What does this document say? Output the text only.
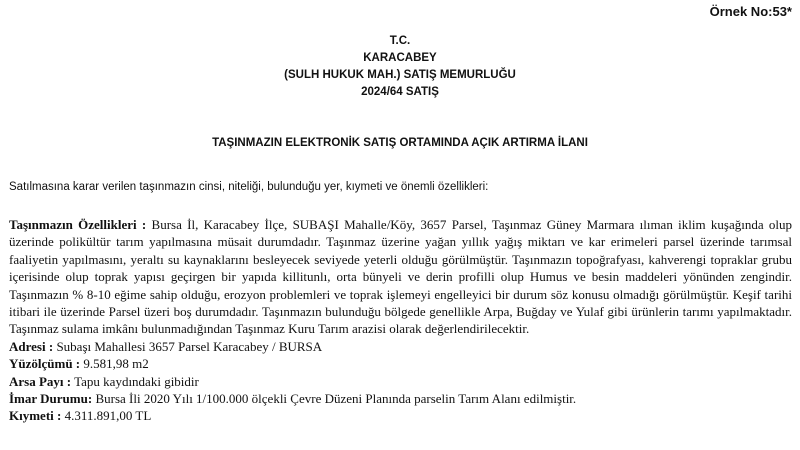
Örnek No:53*
T.C.
KARACABEY
(SULH HUKUK MAH.) SATIŞ MEMURLUĞU
2024/64 SATIŞ
TAŞINMAZIN ELEKTRONİK SATIŞ ORTAMINDA AÇIK ARTIRMA İLANI
Satılmasına karar verilen taşınmazın cinsi, niteliği, bulunduğu yer, kıymeti ve önemli özellikleri:

Taşınmazın Özellikleri : Bursa İl, Karacabey İlçe, SUBAŞI Mahalle/Köy, 3657 Parsel, Taşınmaz Güney Marmara ılıman iklim kuşağında olup üzerinde polikültür tarım yapılmasına müsait durumdadır. Taşınmaz üzerine yağan yıllık yağış miktarı ve kar erimeleri parsel üzerinde tarımsal faaliyetin yapılmasını, yeraltı su kaynaklarını besleyecek seviyede yeterli olduğu görülmüştür. Taşınmazın topoğrafyası, kahverengi topraklar grubu içerisinde olup toprak yapısı geçirgen bir yapıda killitunlı, orta bünyeli ve derin profilli olup Humus ve besin maddeleri yönünden zengindir. Taşınmazın % 8-10 eğime sahip olduğu, erozyon problemleri ve toprak işlemeyi engelleyici bir durum söz konusu olmadığı görülmüştür. Keşif tarihi itibari ile üzerinde Parsel üzeri boş durumdadır. Taşınmazın bulunduğu bölgede genellikle Arpa, Buğday ve Yulaf gibi ürünlerin tarımı yapılmaktadır. Taşınmaz sulama imkânı bulunmadığından Taşınmaz Kuru Tarım arazisi olarak değerlendirilecektir.

Adresi : Subaşı Mahallesi 3657 Parsel Karacabey / BURSA

Yüzölçümü : 9.581,98 m2

Arsa Payı : Tapu kaydındaki gibidir

İmar Durumu: Bursa İli 2020 Yılı 1/100.000 ölçekli Çevre Düzeni Planında parselin Tarım Alanı edilmiştir.

Kıymeti : 4.311.891,00 TL
